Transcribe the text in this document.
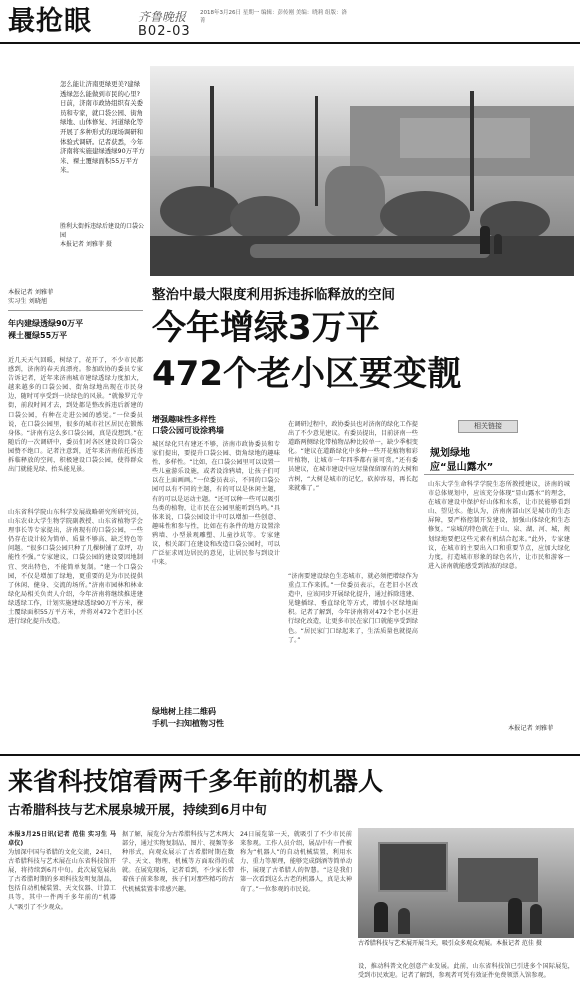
最抢眼	齐鲁晚报	2018年3月26日 星期一 编辑：彭传刚 美编：晓莉 组版：洛菁
B02-03
怎么能让济南更绿更美?建绿透绿怎么能做到市民的心里?日前，济南市政协组织有关委员和专家，就口袋公园、街角绿地、山体修复、河道绿化等开展了多种形式的现场调研和体验式调研。记者获悉，今年济南将实施建绿透绿90万平方米、裸土覆绿面积55万平方米。
胜利大街拆违绿后建设的口袋公园
本报记者 刘雅菲 摄
本报记者 刘雅菲
实习生 刘晓旭
年内建绿透绿90万平
裸土覆绿55万平
整治中最大限度利用拆违拆临释放的空间
今年增绿3万平
472个老小区要变靓
近几天天气回暖，树绿了，花开了，不少市民都感到，济南的春天真漂亮。参加政协的委员专家告诉记者，近年来济南城市建绿透绿力度加大，越来越多的口袋公园、街角绿地出现在市民身边，随时可享受到一块绿色的风景。“就像罗元寺街，前段时间才去，到处都是整改拆违后新建的口袋公园，有种在走进公园的感觉。”一位委员说，在口袋公园里，很多的城市社区居民在锻炼身体。“济南有这么多口袋公园，真是没想到。”在随后的一次调研中，委员们对各区建设的口袋公园赞不绝口。记者注意到，近年来济南依托拆违拆临释放的空间，积极建设口袋公园，使得群众出门就能见绿、抬头能见景。
山东省科学院山东科学发展战略研究所研究员，山东农业大学生物学院副教授、山东省植物学会理事长等专家提出，济南现有的口袋公园，一些仍存在设计较为简单、质量不够高、缺乏特色等问题。“很多口袋公园只种了几棵树铺了草坪，功能性不强。”专家建议，口袋公园的建设要因地制宜、突出特色，不能简单复制。“建一个口袋公园，不仅是增加了绿地，更重要的是为市民提供了休闲、健身、交流的场所。”济南市园林和林业绿化局相关负责人介绍，今年济南将继续推进建绿透绿工作，计划实施建绿透绿90万平方米，裸土覆绿面积55万平方米，并将对472个老旧小区进行绿化提升改造。
增强趣味性多样性
口袋公园可设涂鸦墙
城区绿化只有建还不够，济南市政协委员和专家们提出，要提升口袋公园、街角绿地的趣味性、多样性。“比如，在口袋公园里可以设置一些儿童游乐设施，或者设涂鸦墙，让孩子们可以在上面画画。”一位委员表示，不同的口袋公园可以有不同的主题，有的可以是休闲主题，有的可以是运动主题。“还可以种一些可以吸引鸟类的植物，让市民在公园里能听到鸟鸣。”具体来说，口袋公园设计中可以增加一些创意、趣味性和参与性，比如在有条件的地方设置涂鸦墙、小型景观雕塑、儿童沙坑等。专家建议，相关部门在建设和改造口袋公园时，可以广泛征求周边居民的意见，让居民参与到设计中来。
绿地树上挂二维码
手机一扫知植物习性
在调研过程中，政协委员也对济南的绿化工作提出了不少意见建议。有委员提出，目前济南一些道路两侧绿化带植物品种比较单一，缺少季相变化。“建议在道路绿化中多种一些开花植物和彩叶植物，让城市一年四季都有景可赏。”还有委员建议，在城市建设中应尽量保留原有的大树和古树，“大树是城市的记忆，砍掉容易，再长起来就难了。”
“济南要建设绿色生态城市，就必须把增绿作为重点工作来抓。”一位委员表示，在老旧小区改造中，应该同步开展绿化提升，通过拆除违建、见缝插绿、垂直绿化等方式，增加小区绿地面积。记者了解到，今年济南将对472个老小区进行绿化改造，让更多市民在家门口就能享受到绿色。“居民家门口绿起来了，生活质量也就提高了。”
相关链接
规划绿地
应“显山露水”
山东大学生命科学学院生态所教授建议，济南的城市总体规划中，应该充分体现“显山露水”的理念，在城市建设中保护好山体和水系，让市民能够看到山、望见水。他认为，济南南部山区是城市的生态屏障，要严格控制开发建设，加强山体绿化和生态修复。“泉城的特色就在于山、泉、湖、河、城，规划绿地要把这些元素有机结合起来。”此外，专家建议，在城市的主要出入口和重要节点，应加大绿化力度，打造城市形象的绿色名片，让市民和游客一进入济南就能感受到浓浓的绿意。
本报记者 刘雅菲
来省科技馆看两千多年前的机器人
古希腊科技与艺术展泉城开展，持续到6月中旬
本报3月25日讯(记者 范佳 实习生 马卓仪)
为加深中国与希腊的文化交流，24日，古希腊科技与艺术展在山东省科技馆开展，将持续到6月中旬。此次展览展出了古希腊时期的多项科技发明复制品，包括自动机械装置、天文仪器、计算工具等，其中一件两千多年前的“机器人”吸引了不少观众。
据了解，展览分为古希腊科技与艺术两大部分，通过实物复制品、图片、视频等多种形式，向观众展示了古希腊时期在数学、天文、物理、机械等方面取得的成就。在展览现场，记者看到，不少家长带着孩子前来参观，孩子们对那些精巧的古代机械装置非常感兴趣。
24日展览第一天，就吸引了不少市民前来参观。工作人员介绍，展品中有一件被称为“机器人”的自动机械装置，利用水力、重力等原理，能够完成倒酒等简单动作，展现了古希腊人的智慧。“这是我们第一次看到这么古老的机器人，真是太神奇了。”一位参观的市民说。
古希腊科技与艺术展开展当天，吸引众多观众观展。本报记者 范佳 摄
设，推动科普文化创意产业发展。此前，山东省科技馆已引进多个国际展览，受到市民欢迎。记者了解到，参观者可凭有效证件免费领票入馆参观。
